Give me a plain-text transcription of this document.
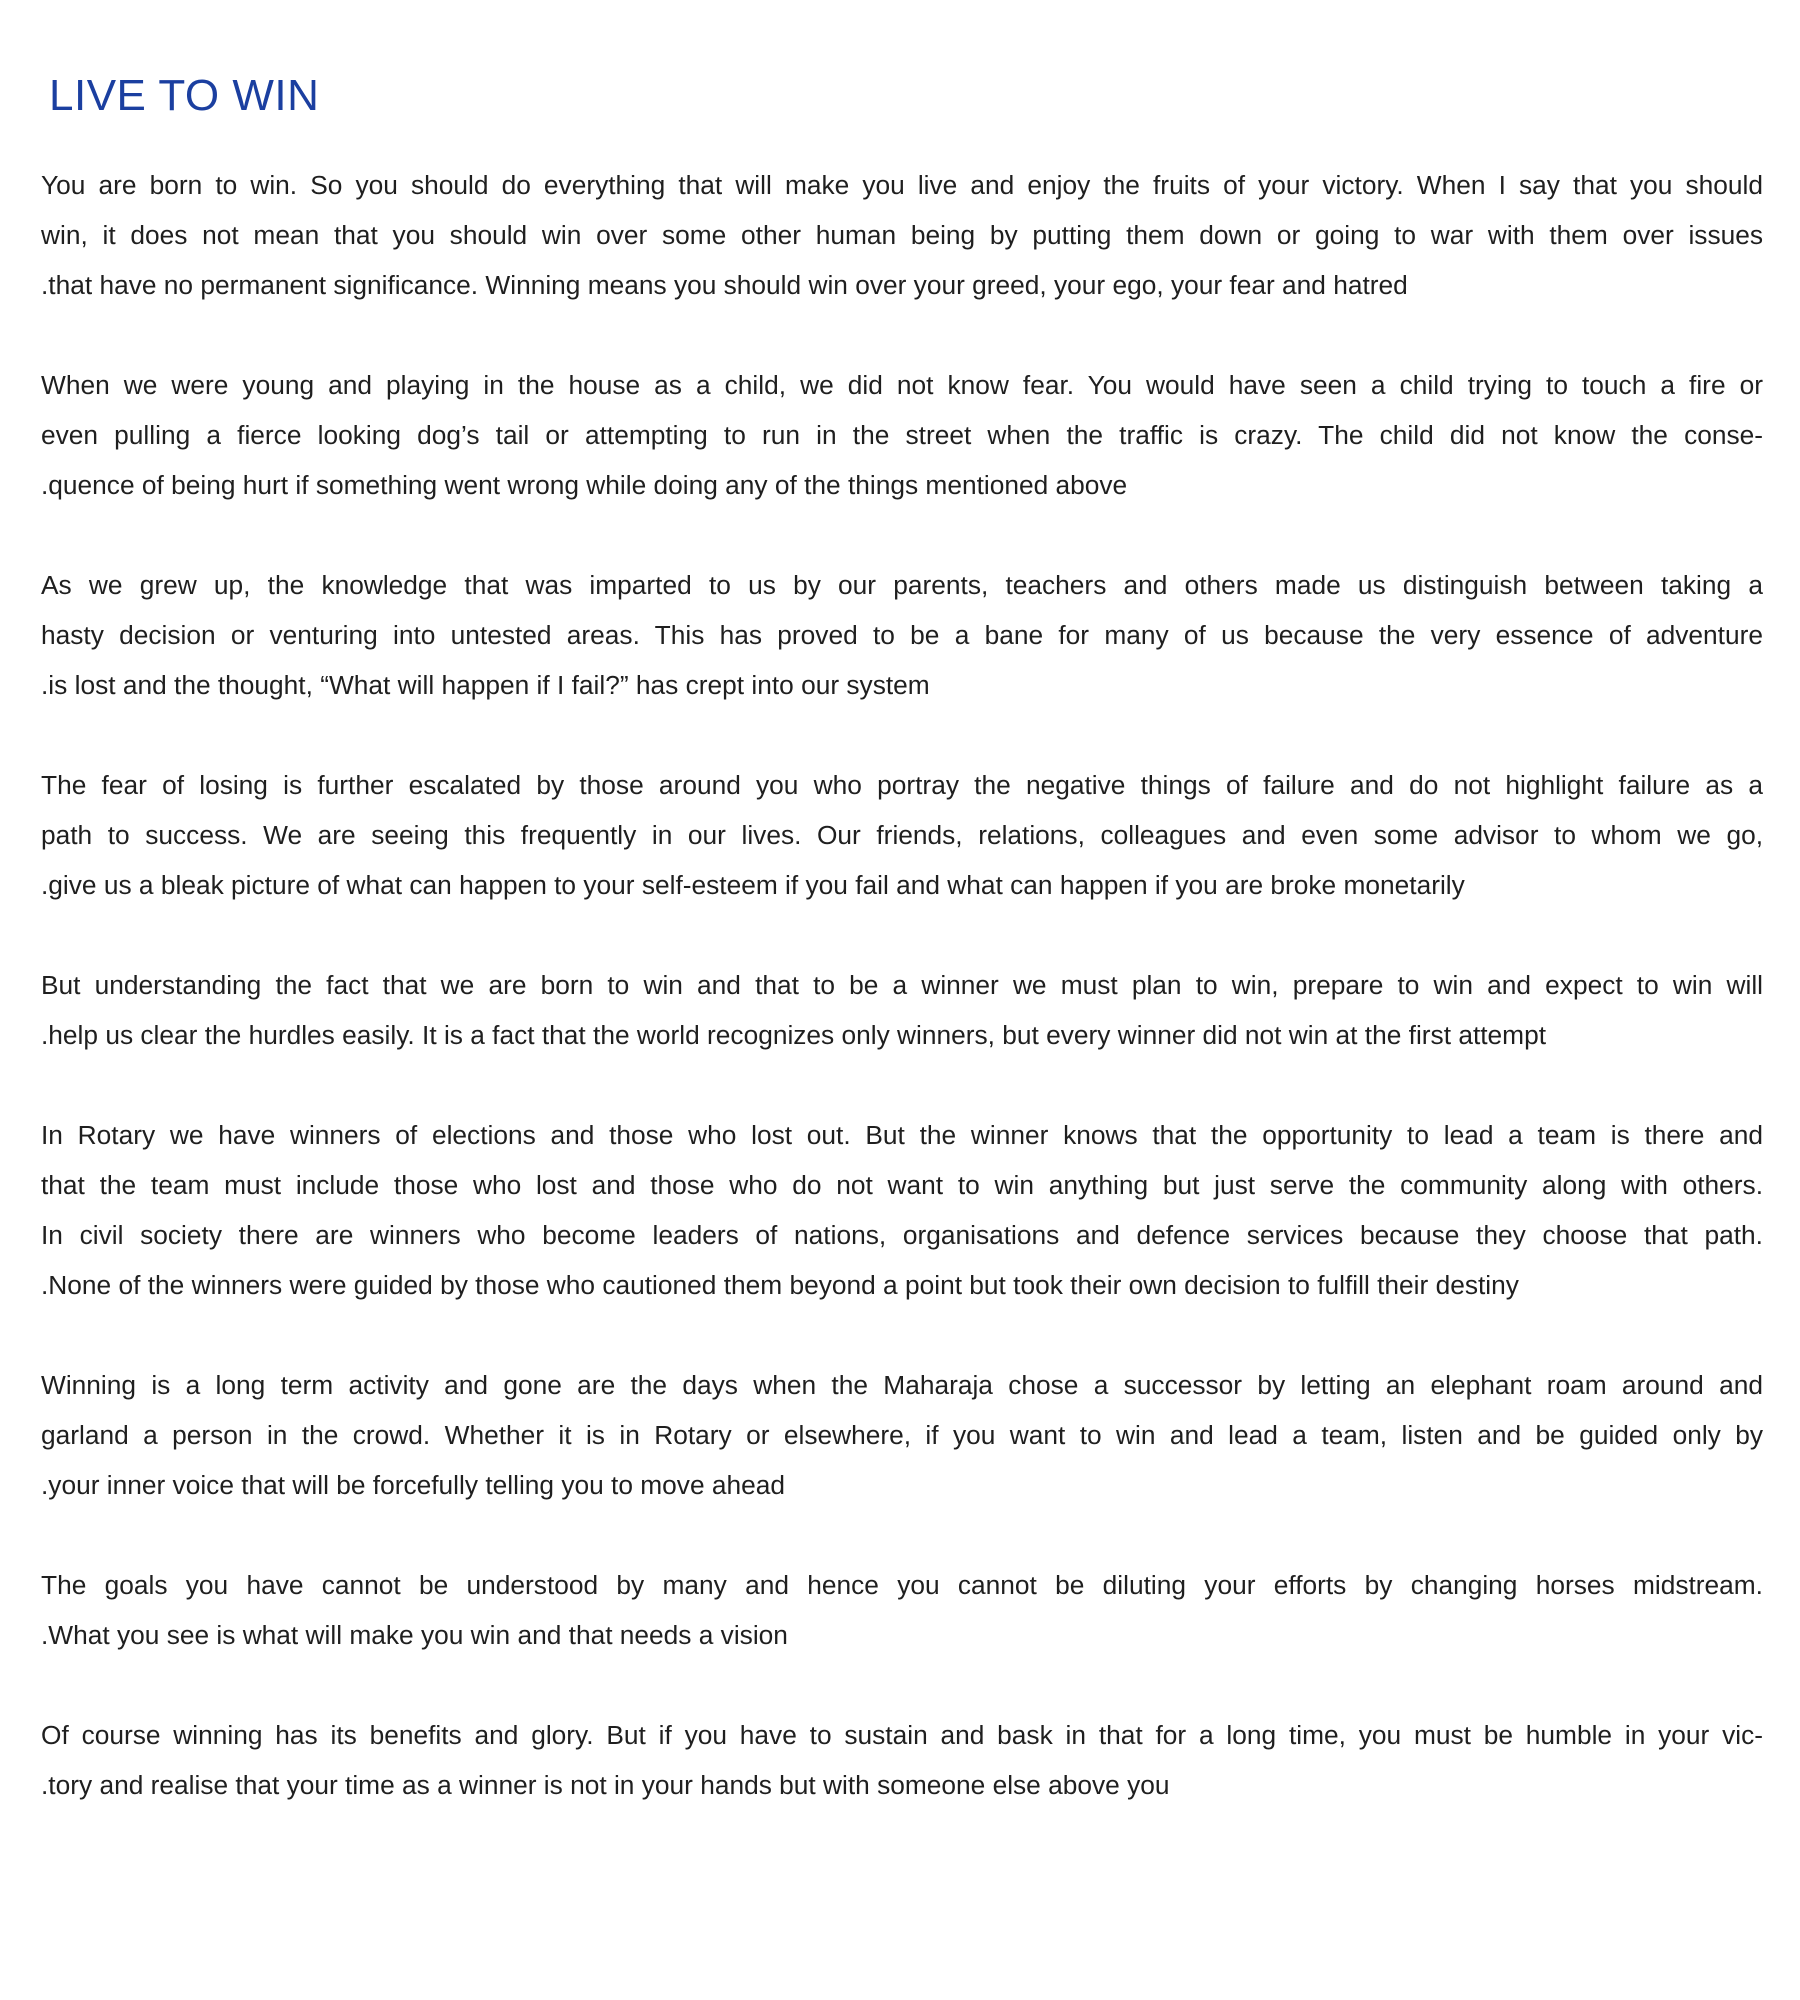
LIVE TO WIN

You are born to win. So you should do everything that will make you live and enjoy the fruits of your victory. When I say that you should
win, it does not mean that you should win over some other human being by putting them down or going to war with them over issues
.that have no permanent significance. Winning means you should win over your greed, your ego, your fear and hatred

When we were young and playing in the house as a child, we did not know fear. You would have seen a child trying to touch a fire or
even pulling a fierce looking dog’s tail or attempting to run in the street when the traffic is crazy. The child did not know the conse-
.quence of being hurt if something went wrong while doing any of the things mentioned above

As we grew up, the knowledge that was imparted to us by our parents, teachers and others made us distinguish between taking a
hasty decision or venturing into untested areas. This has proved to be a bane for many of us because the very essence of adventure
.is lost and the thought, “What will happen if I fail?” has crept into our system

The fear of losing is further escalated by those around you who portray the negative things of failure and do not highlight failure as a
path to success. We are seeing this frequently in our lives. Our friends, relations, colleagues and even some advisor to whom we go,
.give us a bleak picture of what can happen to your self-esteem if you fail and what can happen if you are broke monetarily

But understanding the fact that we are born to win and that to be a winner we must plan to win, prepare to win and expect to win will
.help us clear the hurdles easily. It is a fact that the world recognizes only winners, but every winner did not win at the first attempt

In Rotary we have winners of elections and those who lost out. But the winner knows that the opportunity to lead a team is there and
that the team must include those who lost and those who do not want to win anything but just serve the community along with others.
In civil society there are winners who become leaders of nations, organisations and defence services because they choose that path.
.None of the winners were guided by those who cautioned them beyond a point but took their own decision to fulfill their destiny

Winning is a long term activity and gone are the days when the Maharaja chose a successor by letting an elephant roam around and
garland a person in the crowd. Whether it is in Rotary or elsewhere, if you want to win and lead a team, listen and be guided only by
.your inner voice that will be forcefully telling you to move ahead

The goals you have cannot be understood by many and hence you cannot be diluting your efforts by changing horses midstream.
.What you see is what will make you win and that needs a vision

Of course winning has its benefits and glory. But if you have to sustain and bask in that for a long time, you must be humble in your vic-
.tory and realise that your time as a winner is not in your hands but with someone else above you
